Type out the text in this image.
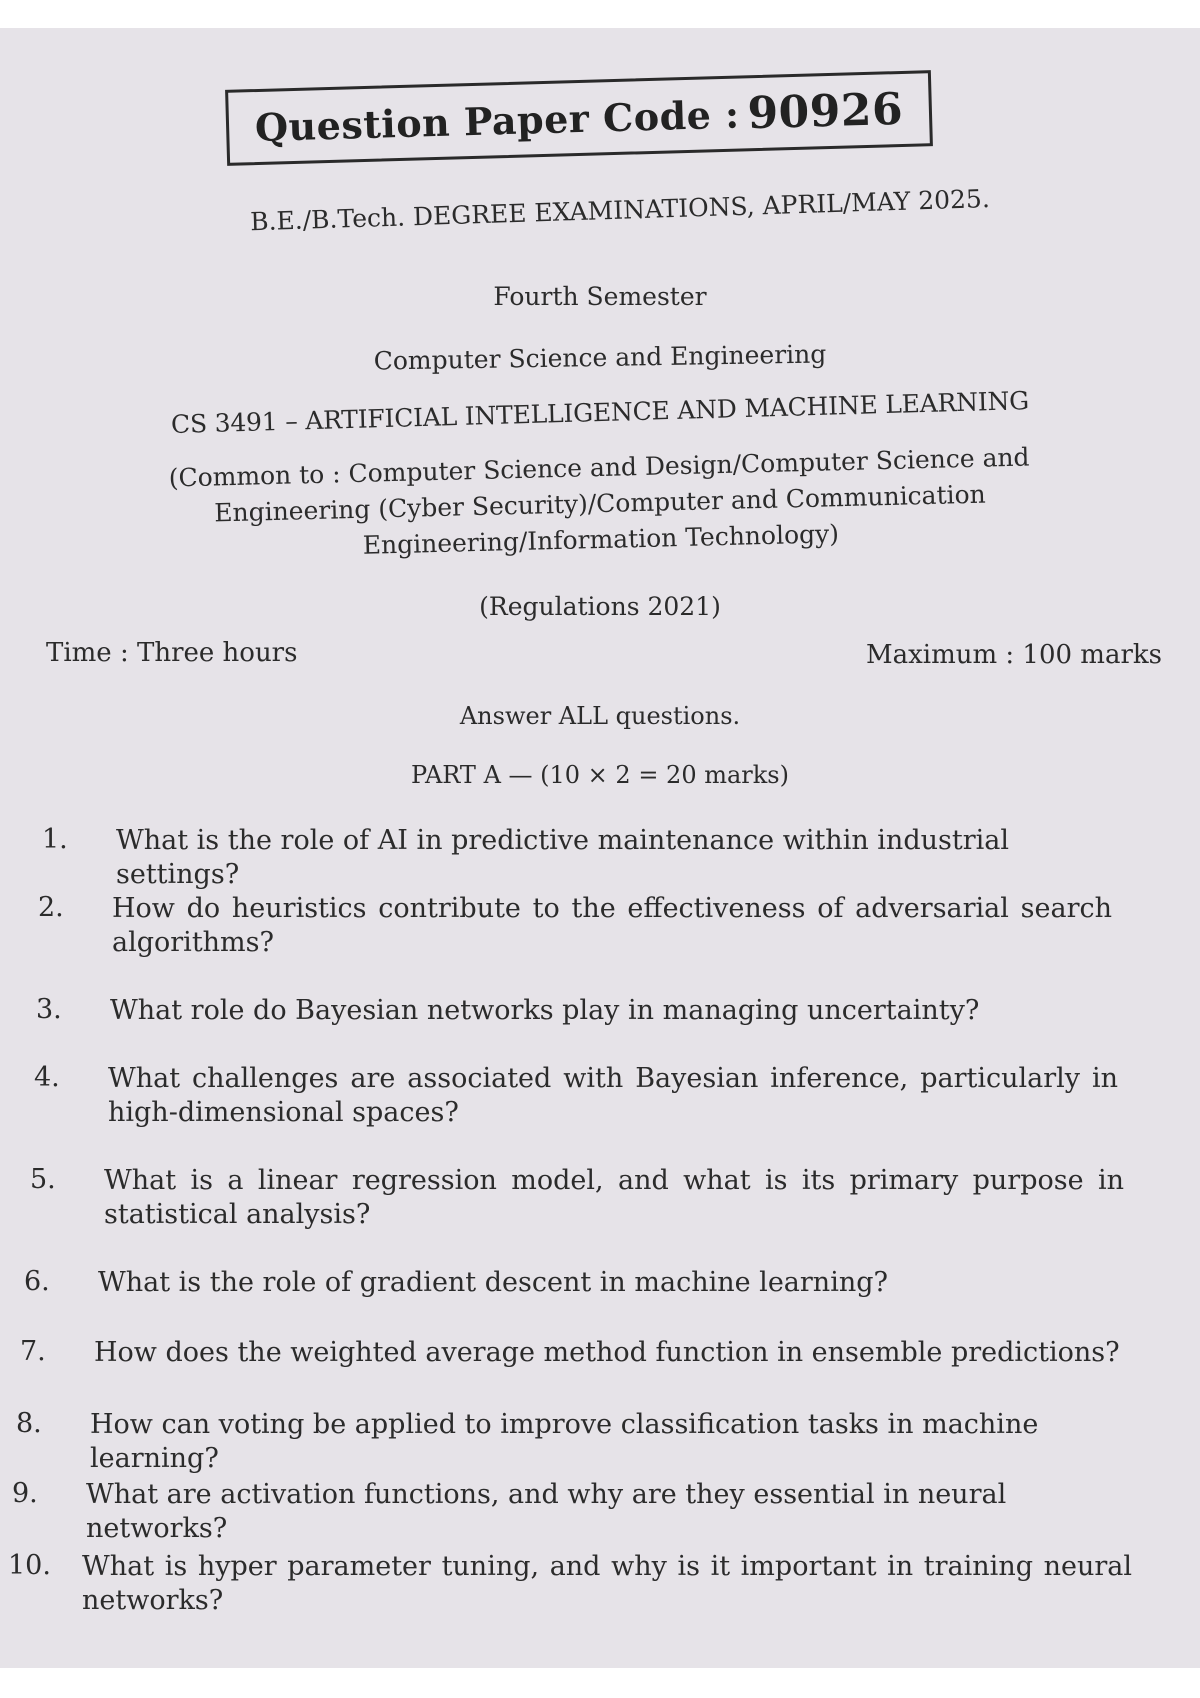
Question Paper Code : 90926
B.E./B.Tech. DEGREE EXAMINATIONS, APRIL/MAY 2025.
Fourth Semester
Computer Science and Engineering
CS 3491 – ARTIFICIAL INTELLIGENCE AND MACHINE LEARNING
(Common to : Computer Science and Design/Computer Science and
Engineering (Cyber Security)/Computer and Communication
Engineering/Information Technology)
(Regulations 2021)
Time : Three hours	Maximum : 100 marks
Answer ALL questions.
PART A — (10 × 2 = 20 marks)
1.	What is the role of AI in predictive maintenance within industrial settings?
2.	How do heuristics contribute to the effectiveness of adversarial search algorithms?
3.	What role do Bayesian networks play in managing uncertainty?
4.	What challenges are associated with Bayesian inference, particularly in high-dimensional spaces?
5.	What is a linear regression model, and what is its primary purpose in statistical analysis?
6.	What is the role of gradient descent in machine learning?
7.	How does the weighted average method function in ensemble predictions?
8.	How can voting be applied to improve classification tasks in machine learning?
9.	What are activation functions, and why are they essential in neural networks?
10. What is hyper parameter tuning, and why is it important in training neural networks?
